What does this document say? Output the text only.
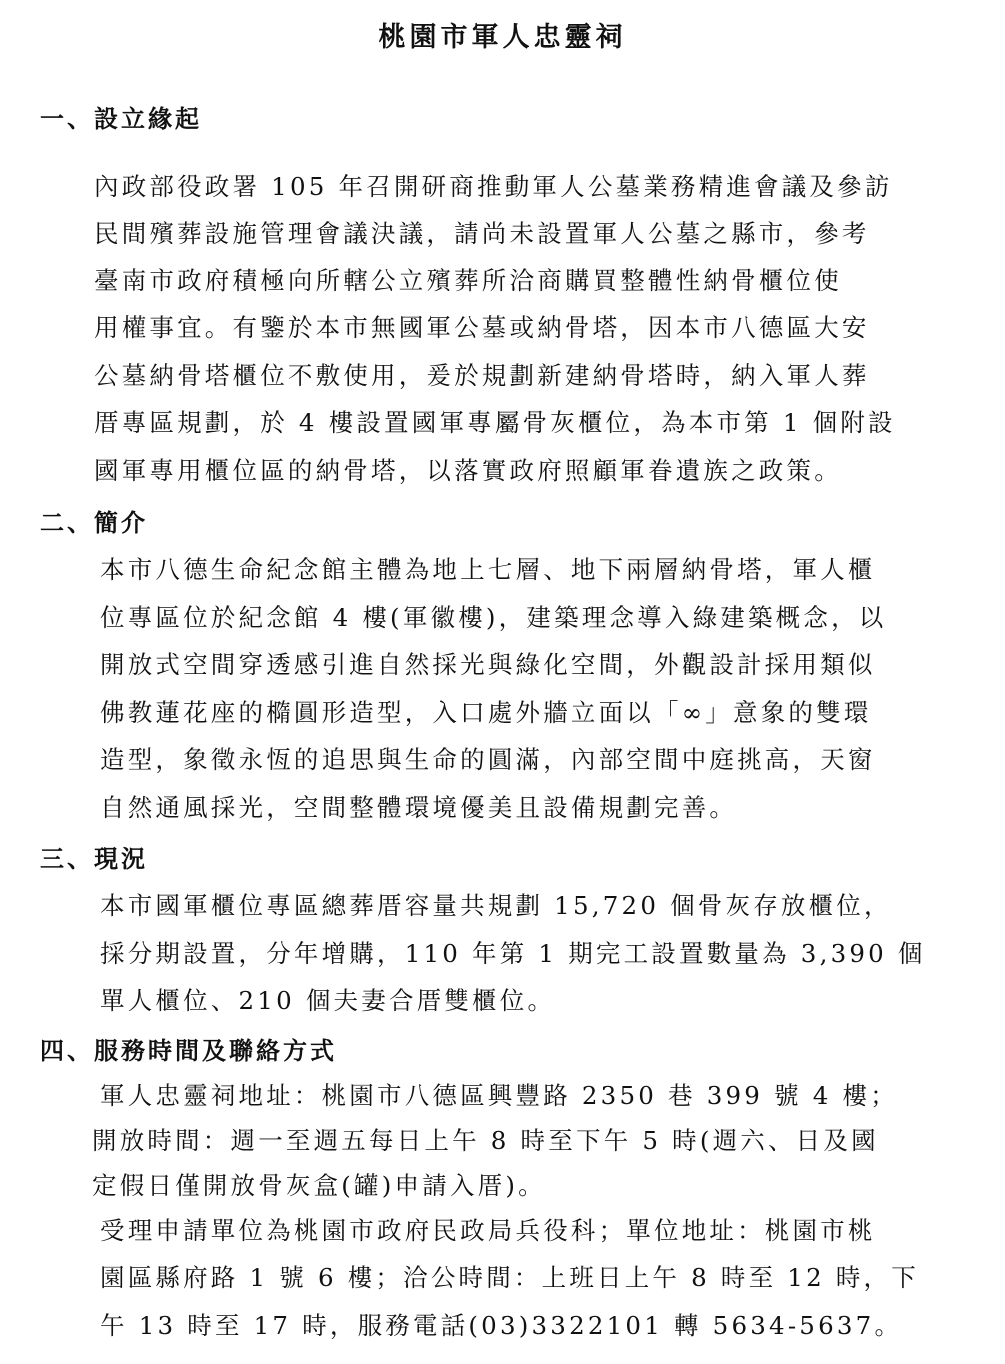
桃園市軍人忠靈祠
一、設立緣起
內政部役政署 105 年召開研商推動軍人公墓業務精進會議及參訪
民間殯葬設施管理會議決議，請尚未設置軍人公墓之縣市，參考
臺南市政府積極向所轄公立殯葬所洽商購買整體性納骨櫃位使
用權事宜。有鑒於本市無國軍公墓或納骨塔，因本市八德區大安
公墓納骨塔櫃位不敷使用，爰於規劃新建納骨塔時，納入軍人葬
厝專區規劃，於 4 樓設置國軍專屬骨灰櫃位，為本市第 1 個附設
國軍專用櫃位區的納骨塔，以落實政府照顧軍眷遺族之政策。
二、簡介
本市八德生命紀念館主體為地上七層、地下兩層納骨塔，軍人櫃
位專區位於紀念館 4 樓(軍徽樓)，建築理念導入綠建築概念，以
開放式空間穿透感引進自然採光與綠化空間，外觀設計採用類似
佛教蓮花座的橢圓形造型，入口處外牆立面以「∞」意象的雙環
造型，象徵永恆的追思與生命的圓滿，內部空間中庭挑高，天窗
自然通風採光，空間整體環境優美且設備規劃完善。
三、現況
本市國軍櫃位專區總葬厝容量共規劃 15,720 個骨灰存放櫃位，
採分期設置，分年增購，110 年第 1 期完工設置數量為 3,390 個
單人櫃位、210 個夫妻合厝雙櫃位。
四、服務時間及聯絡方式
軍人忠靈祠地址：桃園市八德區興豐路 2350 巷 399 號 4 樓；
開放時間：週一至週五每日上午 8 時至下午 5 時(週六、日及國
定假日僅開放骨灰盒(罐)申請入厝)。
受理申請單位為桃園市政府民政局兵役科；單位地址：桃園市桃
園區縣府路 1 號 6 樓；洽公時間：上班日上午 8 時至 12 時，下
午 13 時至 17 時，服務電話(03)3322101 轉 5634-5637。
